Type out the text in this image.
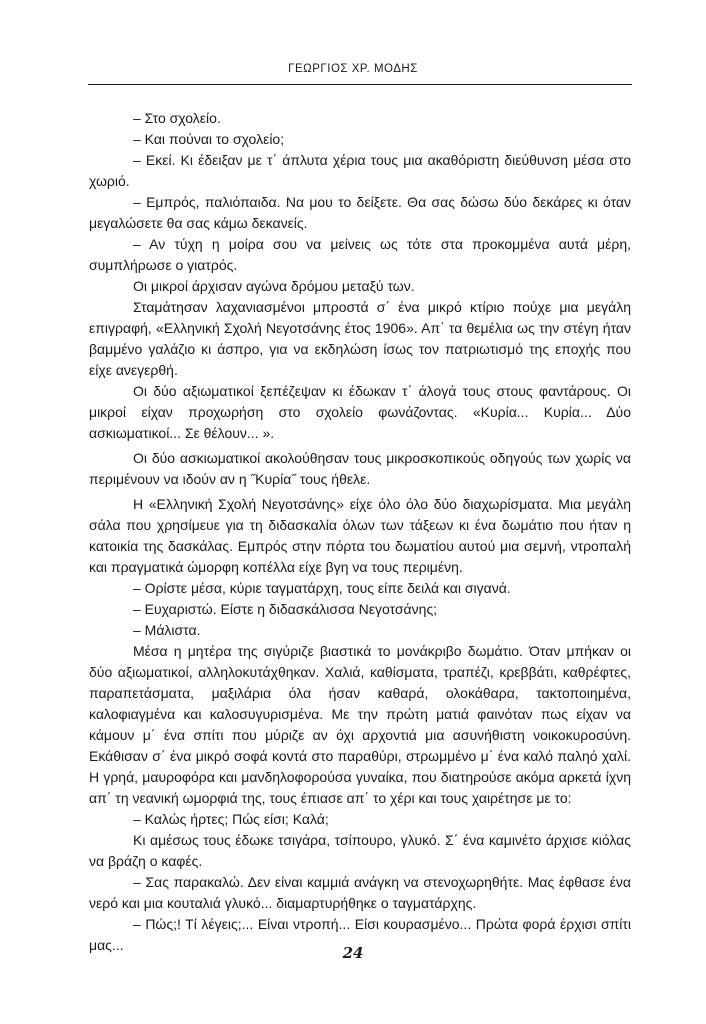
ΓΕΩΡΓΙΟΣ ΧΡ. ΜΟΔΗΣ

– Στο σχολείο.

– Και πούναι το σχολείο;

– Εκεί. Κι έδειξαν με τ΄ άπλυτα χέρια τους μια ακαθόριστη διεύθυνση μέσα στο χωριό.

– Εμπρός, παλιόπαιδα. Να μου το δείξετε. Θα σας δώσω δύο δεκάρες κι όταν μεγαλώσετε θα σας κάμω δεκανείς.

– Αν τύχη η μοίρα σου να μείνεις ως τότε στα προκομμένα αυτά μέρη, συμπλήρωσε ο γιατρός.

Οι μικροί άρχισαν αγώνα δρόμου μεταξύ των.

Σταμάτησαν λαχανιασμένοι μπροστά σ΄ ένα μικρό κτίριο πούχε μια μεγάλη επιγραφή, «Ελληνική Σχολή Νεγοτσάνης έτος 1906». Απ΄ τα θεμέλια ως την στέγη ήταν βαμμένο γαλάζιο κι άσπρο, για να εκδηλώση ίσως τον πατριωτισμό της εποχής που είχε ανεγερθή.

Οι δύο αξιωματικοί ξεπέζεψαν κι έδωκαν τ΄ άλογά τους στους φαντάρους. Οι μικροί είχαν προχωρήση στο σχολείο φωνάζοντας. «Κυρία... Κυρία... Δύο ασκιωματικοί... Σε θέλουν... ».

Οι δύο ασκιωματικοί ακολούθησαν τους μικροσκοπικούς οδηγούς των χωρίς να περιμένουν να ιδούν αν η ˝Κυρία˝ τους ήθελε.

Η «Ελληνική Σχολή Νεγοτσάνης» είχε όλο όλο δύο διαχωρίσματα. Μια μεγάλη σάλα που χρησίμευε για τη διδασκαλία όλων των τάξεων κι ένα δωμάτιο που ήταν η κατοικία της δασκάλας. Εμπρός στην πόρτα του δωματίου αυτού μια σεμνή, ντροπαλή και πραγματικά ώμορφη κοπέλλα είχε βγη να τους περιμένη.

– Ορίστε μέσα, κύριε ταγματάρχη, τους είπε δειλά και σιγανά.

– Ευχαριστώ. Είστε η διδασκάλισσα Νεγοτσάνης;

– Μάλιστα.

Μέσα η μητέρα της σιγύριζε βιαστικά το μονάκριβο δωμάτιο. Όταν μπήκαν οι δύο αξιωματικοί, αλληλοκυτάχθηκαν. Χαλιά, καθίσματα, τραπέζι, κρεββάτι, καθρέφτες, παραπετάσματα, μαξιλάρια όλα ήσαν καθαρά, ολοκάθαρα, τακτοποιημένα, καλοφιαγμένα και καλοσυγυρισμένα. Με την πρώτη ματιά φαινόταν πως είχαν να κάμουν μ΄ ένα σπίτι που μύριζε αν όχι αρχοντιά μια ασυνήθιστη νοικοκυροσύνη. Εκάθισαν σ΄ ένα μικρό σοφά κοντά στο παραθύρι, στρωμμένο μ΄ ένα καλό παληό χαλί. Η γρηά, μαυροφόρα και μανδηλοφορούσα γυναίκα, που διατηρούσε ακόμα αρκετά ίχνη απ΄ τη νεανική ωμορφιά της, τους έπιασε απ΄ το χέρι και τους χαιρέτησε με το:

– Καλώς ήρτες; Πώς είσι; Καλά;

Κι αμέσως τους έδωκε τσιγάρα, τσίπουρο, γλυκό. Σ΄ ένα καμινέτο άρχισε κιόλας να βράζη ο καφές.

– Σας παρακαλώ. Δεν είναι καμμιά ανάγκη να στενοχωρηθήτε. Μας έφθασε ένα νερό και μια κουταλιά γλυκό... διαμαρτυρήθηκε ο ταγματάρχης.

– Πώς;! Τί λέγεις;... Είναι ντροπή... Είσι κουρασμένο... Πρώτα φορά έρχισι σπίτι μας...	24
